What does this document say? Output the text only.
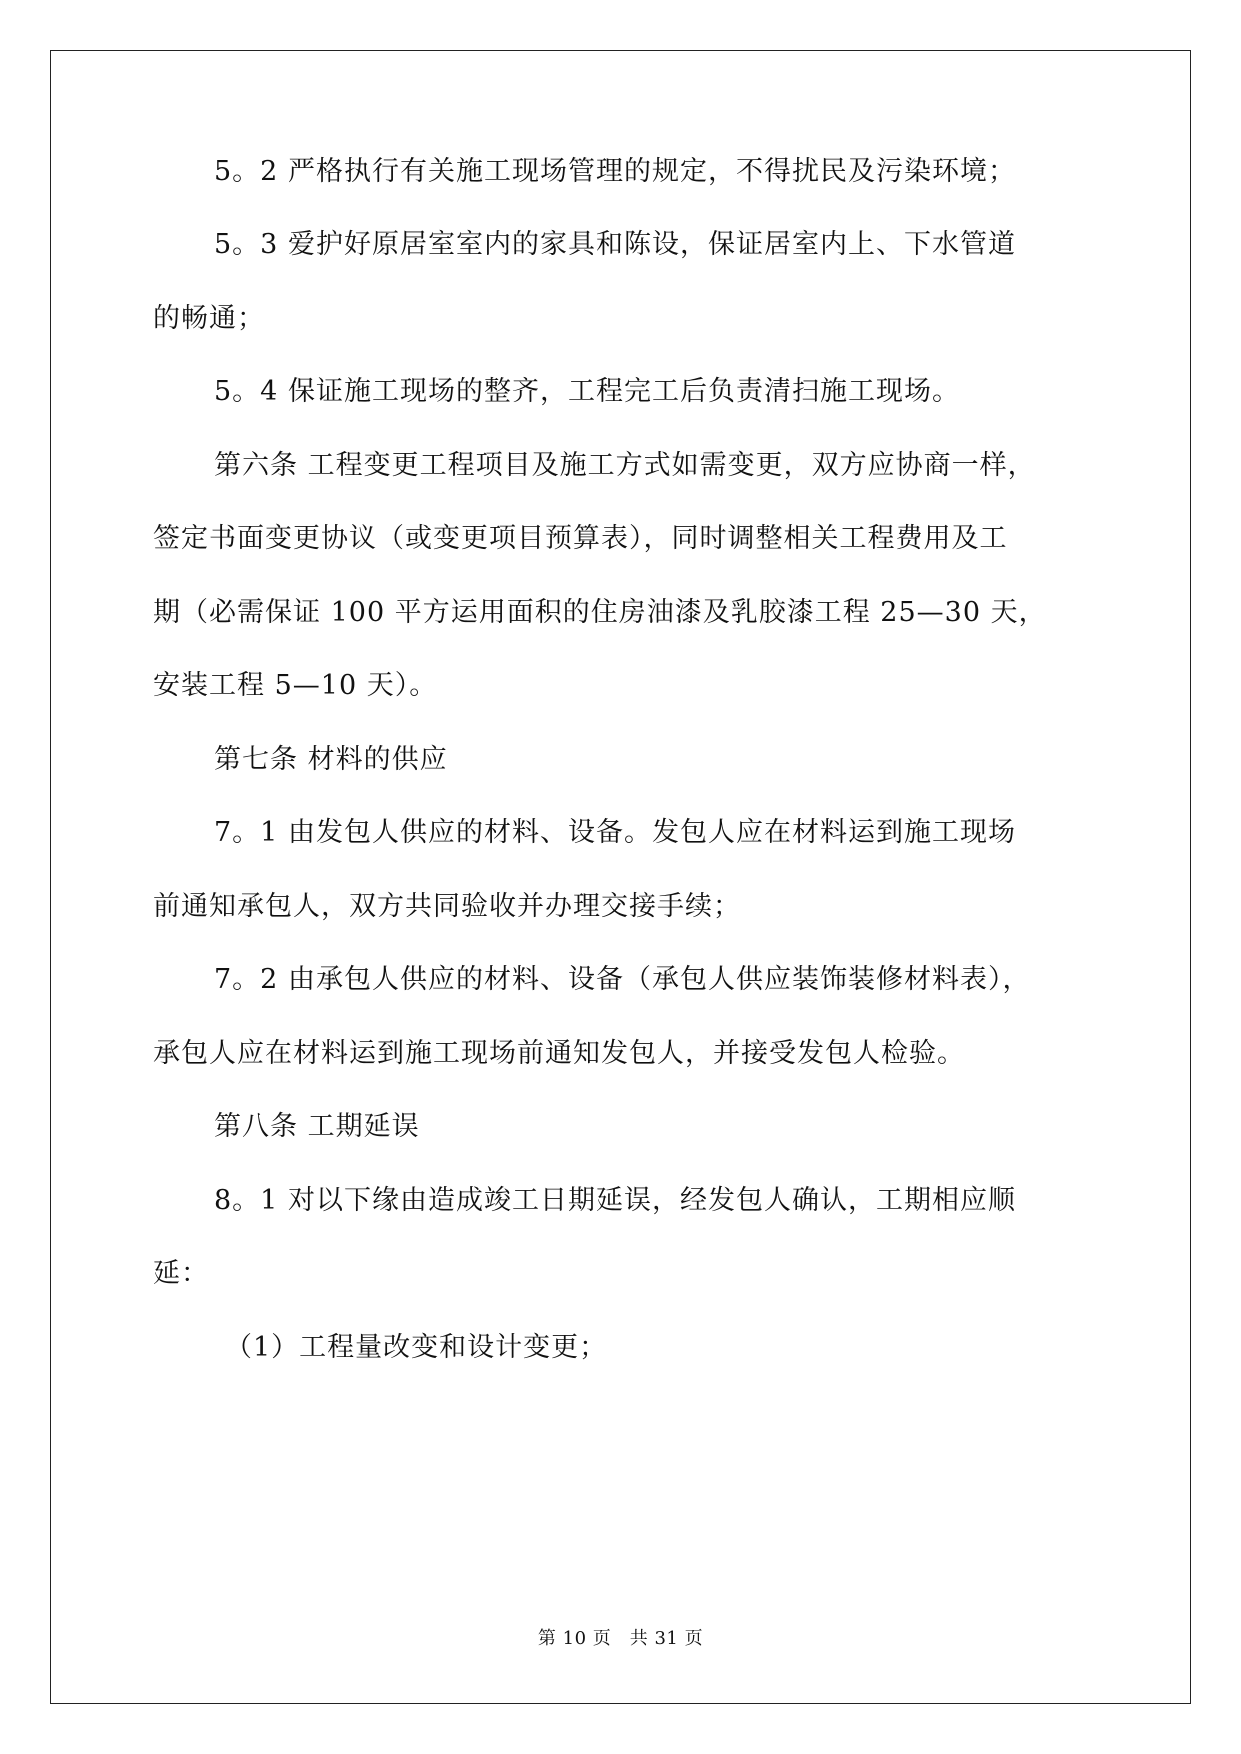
5。2 严格执行有关施工现场管理的规定，不得扰民及污染环境；
5。3 爱护好原居室室内的家具和陈设，保证居室内上、下水管道
的畅通；
5。4 保证施工现场的整齐，工程完工后负责清扫施工现场。
第六条 工程变更工程项目及施工方式如需变更，双方应协商一样，
签定书面变更协议（或变更项目预算表），同时调整相关工程费用及工
期（必需保证 100 平方运用面积的住房油漆及乳胶漆工程 25—30 天，
安装工程 5—10 天）。
第七条 材料的供应
7。1 由发包人供应的材料、设备。发包人应在材料运到施工现场
前通知承包人，双方共同验收并办理交接手续；
7。2 由承包人供应的材料、设备（承包人供应装饰装修材料表），
承包人应在材料运到施工现场前通知发包人，并接受发包人检验。
第八条 工期延误
8。1 对以下缘由造成竣工日期延误，经发包人确认，工期相应顺
延：
（1）工程量改变和设计变更；
第 10 页　共 31 页
